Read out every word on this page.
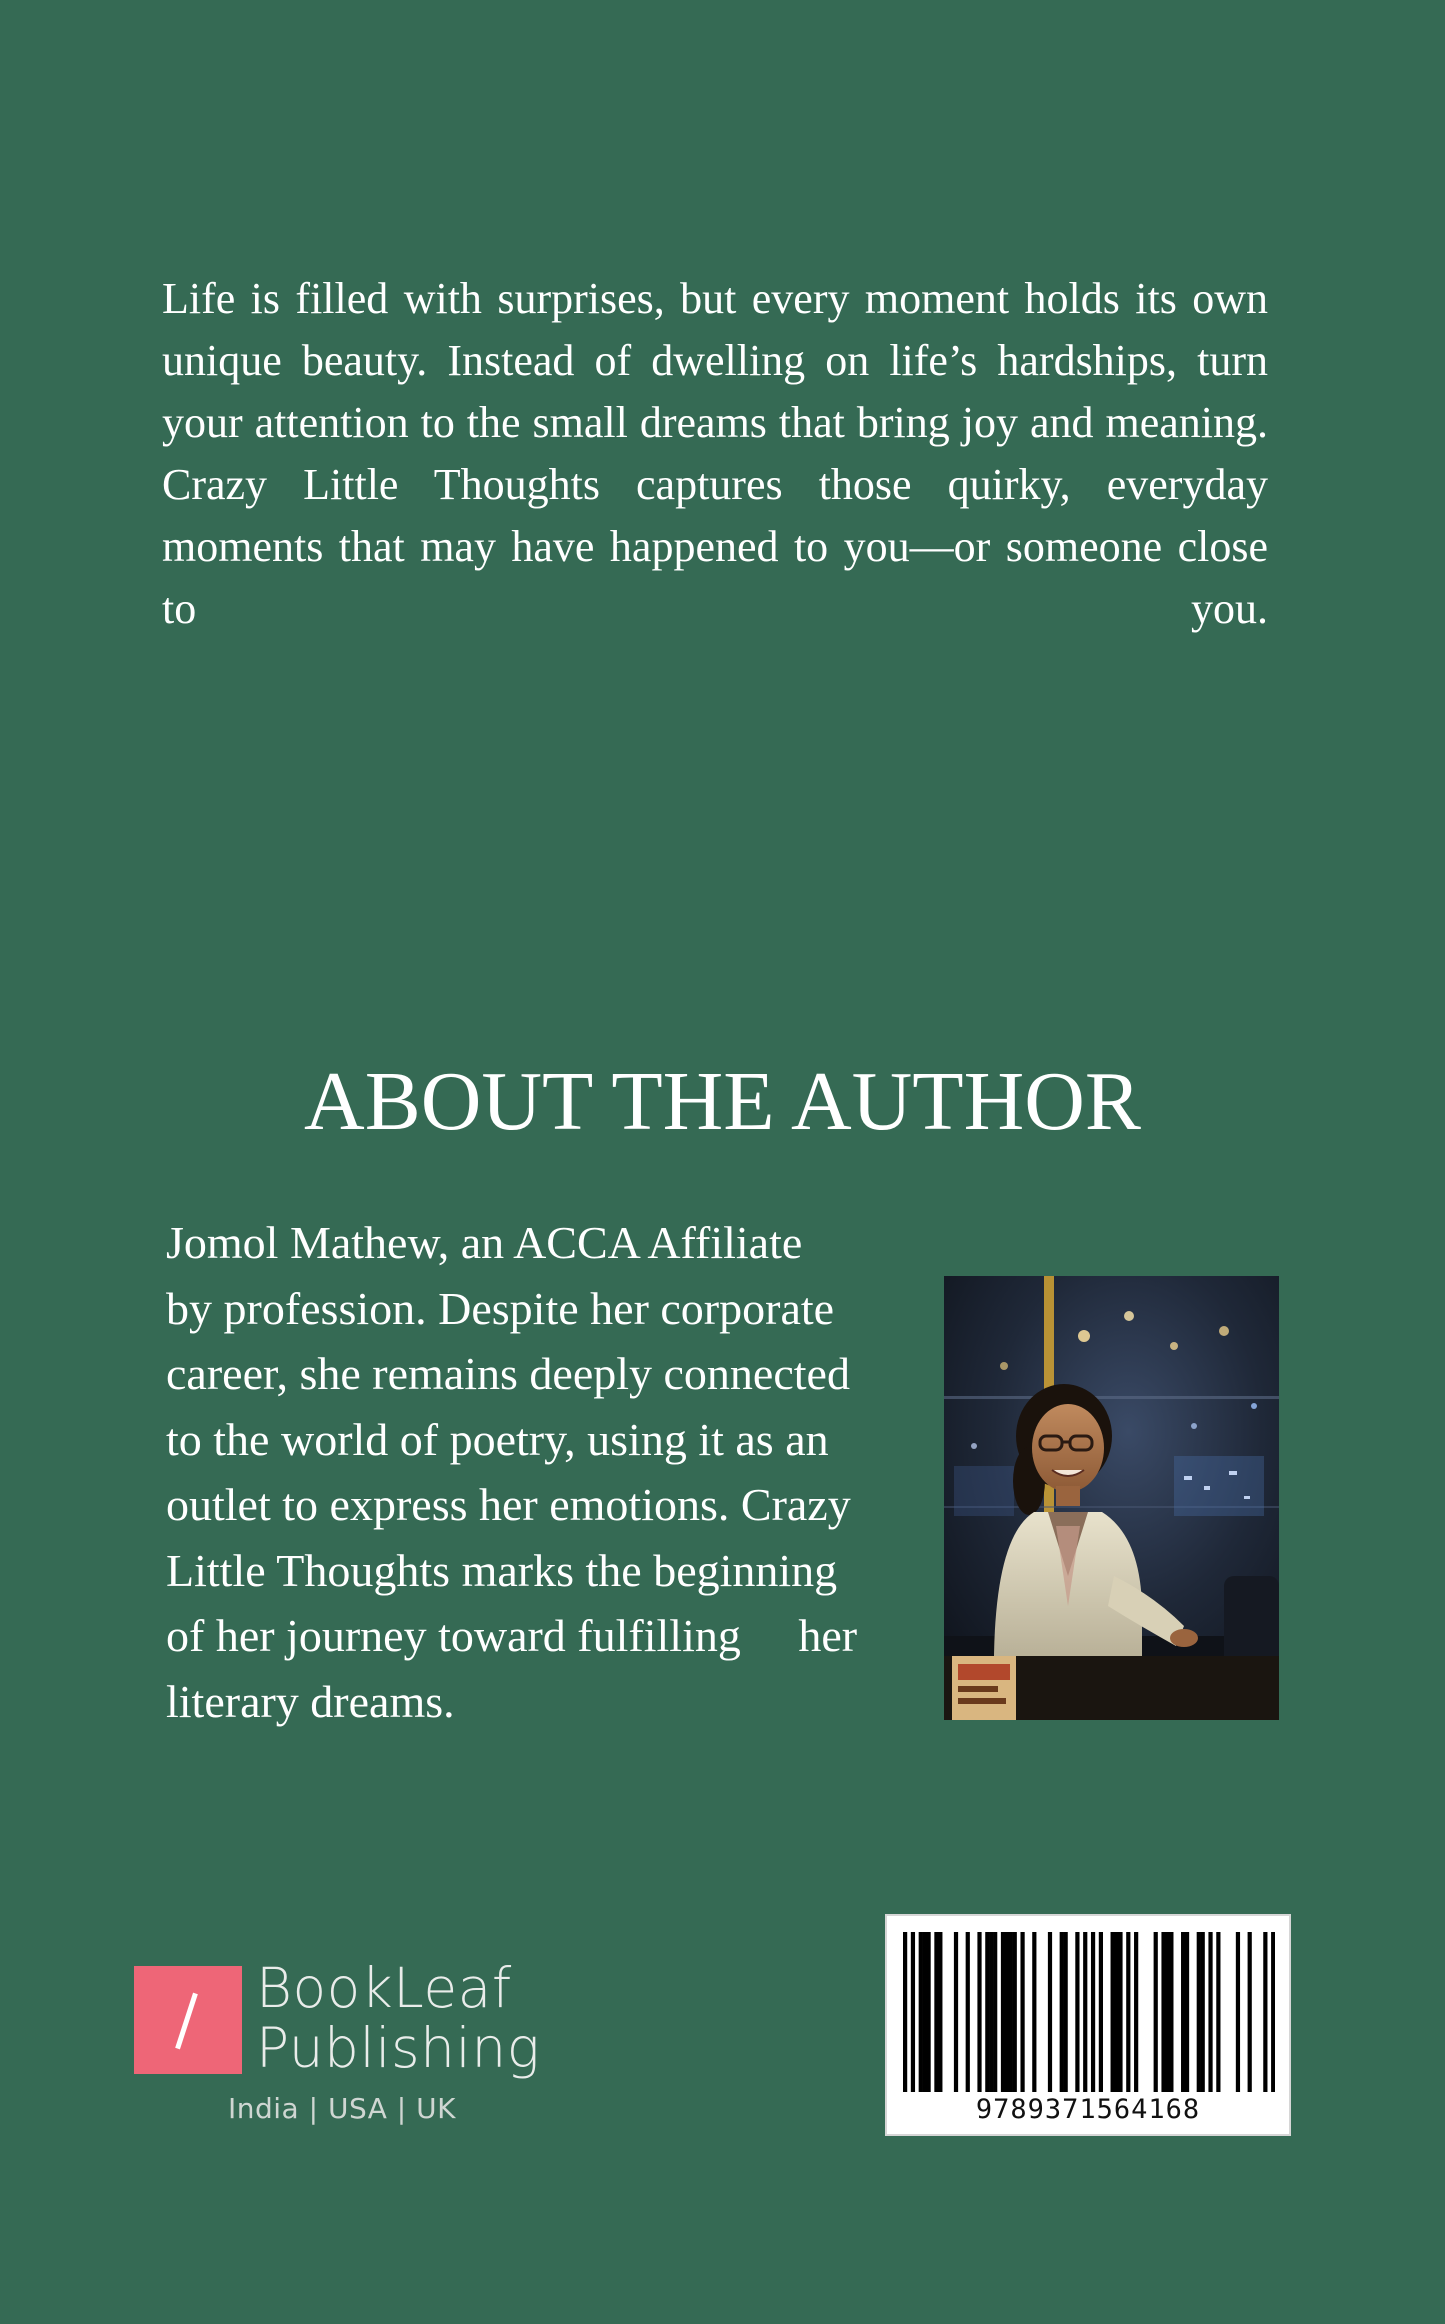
Life is filled with surprises, but every moment holds its own unique beauty. Instead of dwelling on life’s hardships, turn your attention to the small dreams that bring joy and meaning. Crazy Little Thoughts captures those quirky, everyday moments that may have happened to you—or someone close to you.

ABOUT THE AUTHOR
Jomol Mathew, an ACCA Affiliate
by profession. Despite her corporate
career, she remains deeply connected
to the world of poetry, using it as an
outlet to express her emotions. Crazy
Little Thoughts marks the beginning
of her journey toward fulfilling     her
literary dreams.
BookLeaf
Publishing
India | USA | UK	9789371564168
